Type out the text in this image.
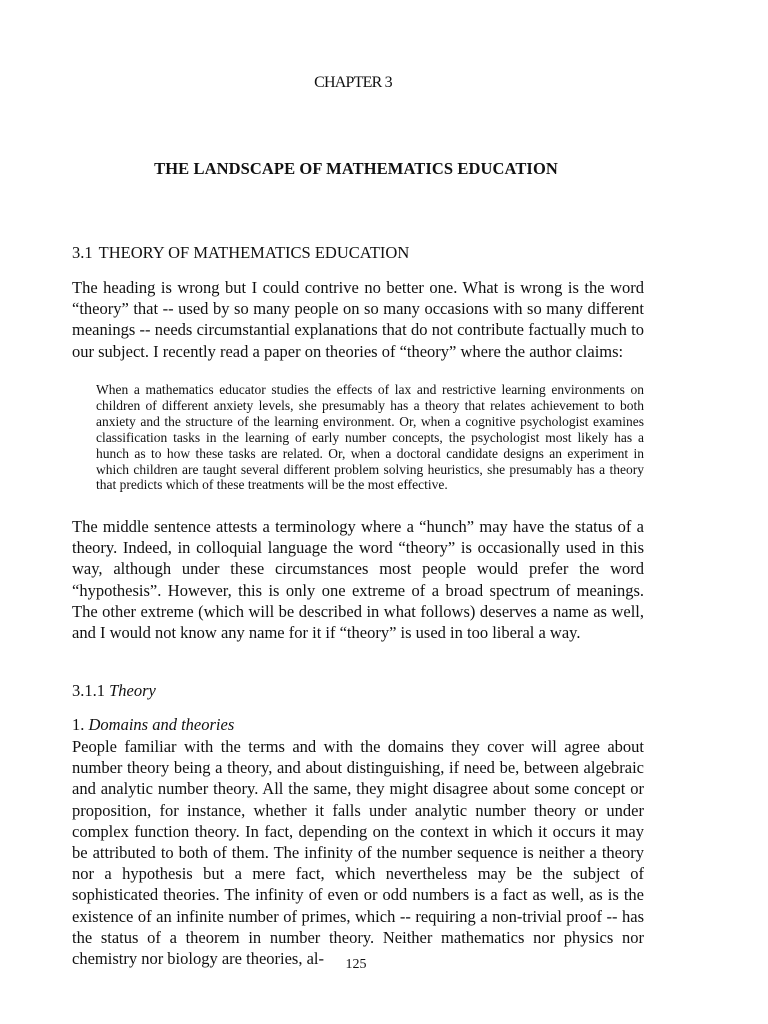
CHAPTER 3
THE LANDSCAPE OF MATHEMATICS EDUCATION
3.1 THEORY OF MATHEMATICS EDUCATION

The heading is wrong but I could contrive no better one. What is wrong is the word “theory” that -- used by so many people on so many occasions with so many different meanings -- needs circumstantial explanations that do not contribute factually much to our subject. I recently read a paper on theories of “theory” where the author claims:

When a mathematics educator studies the effects of lax and restrictive learning environments on children of different anxiety levels, she presumably has a theory that relates achievement to both anxiety and the structure of the learning environment. Or, when a cognitive psychologist examines classification tasks in the learning of early number concepts, the psychologist most likely has a hunch as to how these tasks are related. Or, when a doctoral candidate designs an experiment in which children are taught several different problem solving heuristics, she presumably has a theory that predicts which of these treatments will be the most effective.

The middle sentence attests a terminology where a “hunch” may have the status of a theory. Indeed, in colloquial language the word “theory” is occasionally used in this way, although under these circumstances most people would prefer the word “hypothesis”. However, this is only one extreme of a broad spectrum of meanings. The other extreme (which will be described in what follows) deserves a name as well, and I would not know any name for it if “theory” is used in too liberal a way.

3.1.1 Theory
1. Domains and theories

People familiar with the terms and with the domains they cover will agree about number theory being a theory, and about distinguishing, if need be, between algebraic and analytic number theory. All the same, they might disagree about some concept or proposition, for instance, whether it falls under analytic number theory or under complex function theory. In fact, depending on the context in which it occurs it may be attributed to both of them. The infinity of the number sequence is neither a theory nor a hypothesis but a mere fact, which nevertheless may be the subject of sophisticated theories. The infinity of even or odd numbers is a fact as well, as is the existence of an infinite number of primes, which -- requiring a non-trivial proof -- has the status of a theorem in number theory. Neither mathematics nor physics nor chemistry nor biology are theories, al-	125
